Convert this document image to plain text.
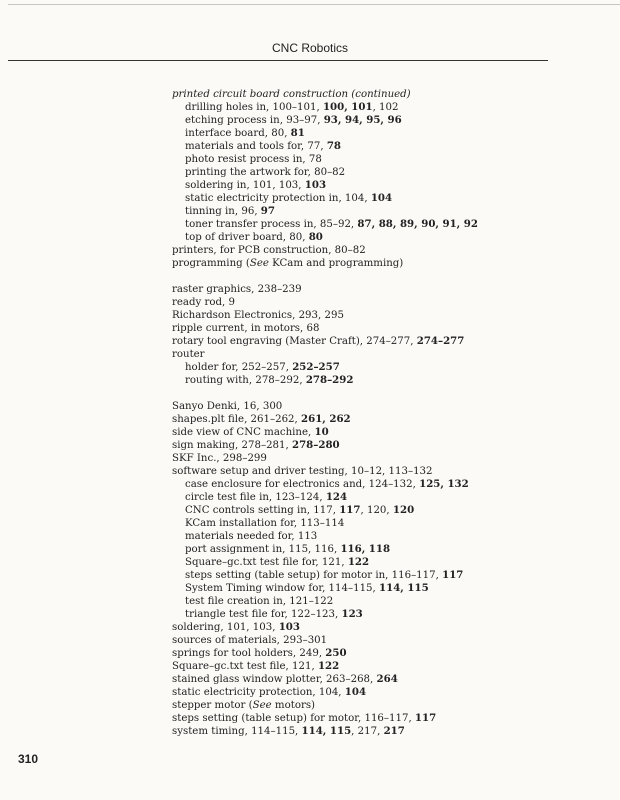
CNC Robotics
printed circuit board construction (continued)
drilling holes in, 100–101, 100, 101, 102
etching process in, 93–97, 93, 94, 95, 96
interface board, 80, 81
materials and tools for, 77, 78
photo resist process in, 78
printing the artwork for, 80–82
soldering in, 101, 103, 103
static electricity protection in, 104, 104
tinning in, 96, 97
toner transfer process in, 85–92, 87, 88, 89, 90, 91, 92
top of driver board, 80, 80
printers, for PCB construction, 80–82
programming (See KCam and programming)
raster graphics, 238–239
ready rod, 9
Richardson Electronics, 293, 295
ripple current, in motors, 68
rotary tool engraving (Master Craft), 274–277, 274–277
router
holder for, 252–257, 252–257
routing with, 278–292, 278–292
Sanyo Denki, 16, 300
shapes.plt file, 261–262, 261, 262
side view of CNC machine, 10
sign making, 278–281, 278–280
SKF Inc., 298–299
software setup and driver testing, 10–12, 113–132
case enclosure for electronics and, 124–132, 125, 132
circle test file in, 123–124, 124
CNC controls setting in, 117, 117, 120, 120
KCam installation for, 113–114
materials needed for, 113
port assignment in, 115, 116, 116, 118
Square–gc.txt test file for, 121, 122
steps setting (table setup) for motor in, 116–117, 117
System Timing window for, 114–115, 114, 115
test file creation in, 121–122
triangle test file for, 122–123, 123
soldering, 101, 103, 103
sources of materials, 293–301
springs for tool holders, 249, 250
Square–gc.txt test file, 121, 122
stained glass window plotter, 263–268, 264
static electricity protection, 104, 104
stepper motor (See motors)
steps setting (table setup) for motor, 116–117, 117
system timing, 114–115, 114, 115, 217, 217
310
